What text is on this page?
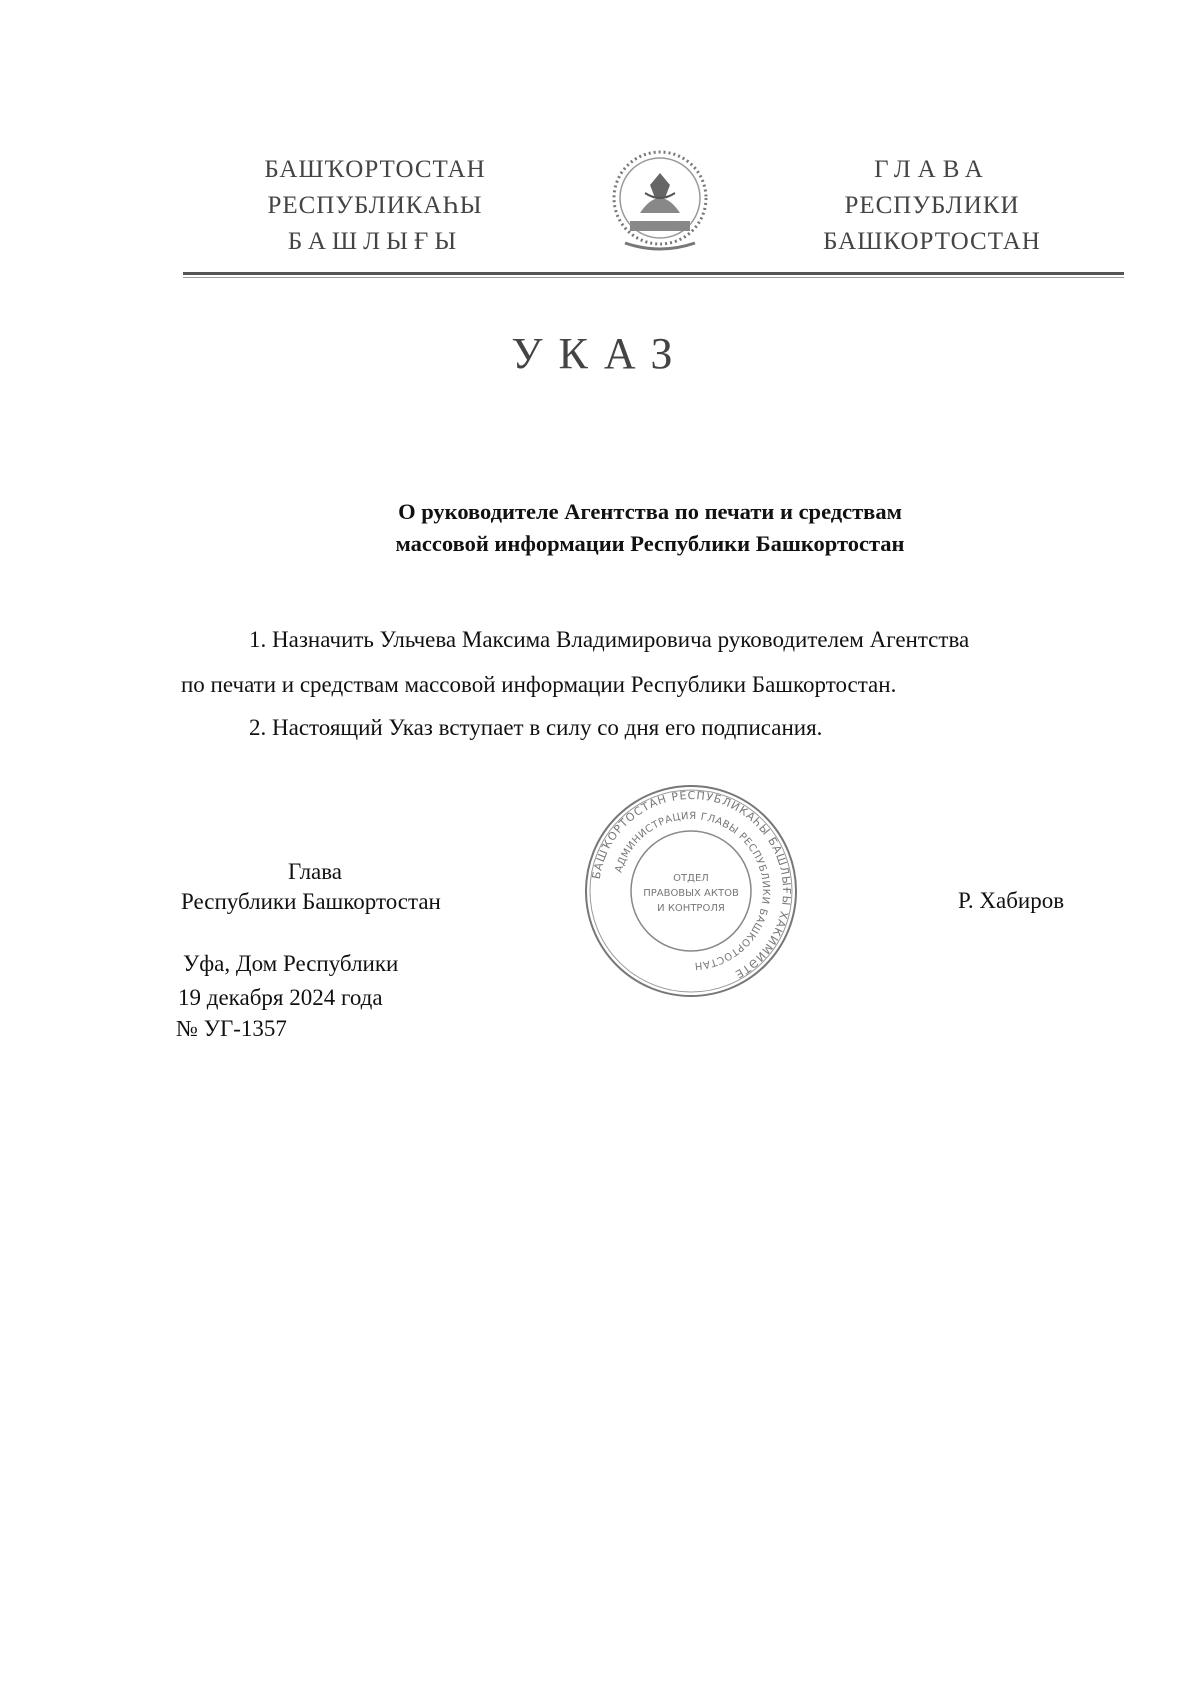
БАШҠОРТОСТАН
РЕСПУБЛИКАҺЫ
БАШЛЫҒЫ
ГЛАВА
РЕСПУБЛИКИ
БАШКОРТОСТАН
УКАЗ
О руководителе Агентства по печати и средствам
массовой информации Республики Башкортостан
1. Назначить Ульчева Максима Владимировича руководителем Агентства
по печати и средствам массовой информации Республики Башкортостан.
2. Настоящий Указ вступает в силу со дня его подписания.
Глава
Республики Башкортостан
БАШҠОРТОСТАН РЕСПУБЛИКАҺЫ БАШЛЫҒЫ ХАКИМИӘТЕ
АДМИНИСТРАЦИЯ ГЛАВЫ РЕСПУБЛИКИ БАШКОРТОСТАН
ОТДЕЛ
ПРАВОВЫХ АКТОВ
И КОНТРОЛЯ	Р. Хабиров
Уфа, Дом Республики
19 декабря 2024 года
№ УГ-1357
